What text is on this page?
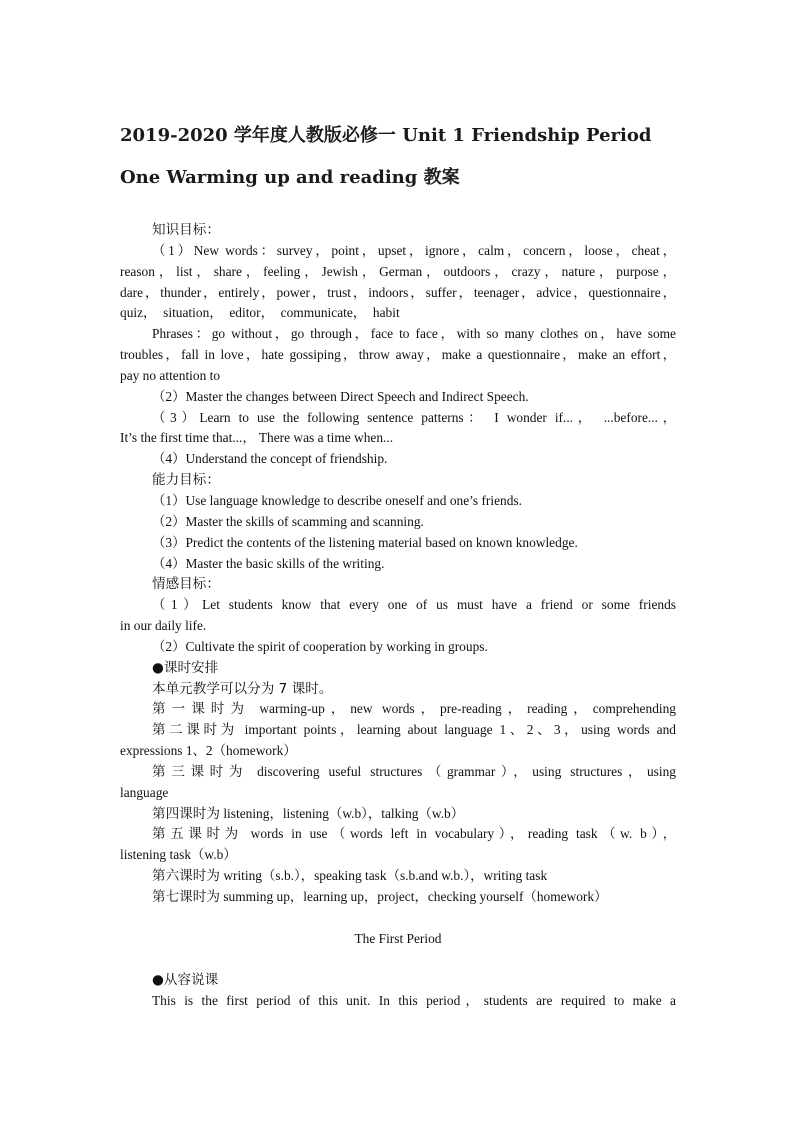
2019-2020 学年度人教版必修一 Unit 1 Friendship Period
One Warming up and reading 教案

知识目标：

（1）New words：survey，point，upset，ignore，calm，concern，loose，cheat，

reason，list，share，feeling，Jewish，German，outdoors，crazy，nature，purpose，

dare，thunder，entirely，power，trust，indoors，suffer，teenager，advice，questionnaire，

quiz，  situation，  editor，  communicate，  habit

Phrases：go without，go through，face to face，with so many clothes on，have some

troubles，fall in love，hate gossiping，throw away，make a questionnaire，make an effort，

pay no attention to

（2）Master the changes between Direct Speech and Indirect Speech.

（3）Learn to use the following sentence patterns： I wonder if...， ...before...，

It’s the first time that...， There was a time when...

（4）Understand the concept of friendship.

能力目标：

（1）Use language knowledge to describe oneself and one’s friends.

（2）Master the skills of scamming and scanning.

（3）Predict the contents of the listening material based on known knowledge.

（4）Master the basic skills of the writing.

情感目标：

（1）Let students know that every one of us must have a friend or some friends

in our daily life.

（2）Cultivate the spirit of cooperation by working in groups.

●课时安排

本单元教学可以分为 7 课时。

第一课时为 warming-up，new words，pre-reading，reading，comprehending

第二课时为 important points，learning about language 1、2、3，using words and

expressions 1、2（homework）

第三课时为 discovering useful structures（grammar），using structures，using

language

第四课时为 listening，listening（w.b），talking（w.b）

第五课时为 words in use（words left in vocabulary），reading task（w. b），

listening task（w.b）

第六课时为 writing（s.b.），speaking task（s.b.and w.b.），writing task

第七课时为 summing up，learning up，project，checking yourself（homework）

The First Period

●从容说课

This is the first period of this unit. In this period，students are required to make a
